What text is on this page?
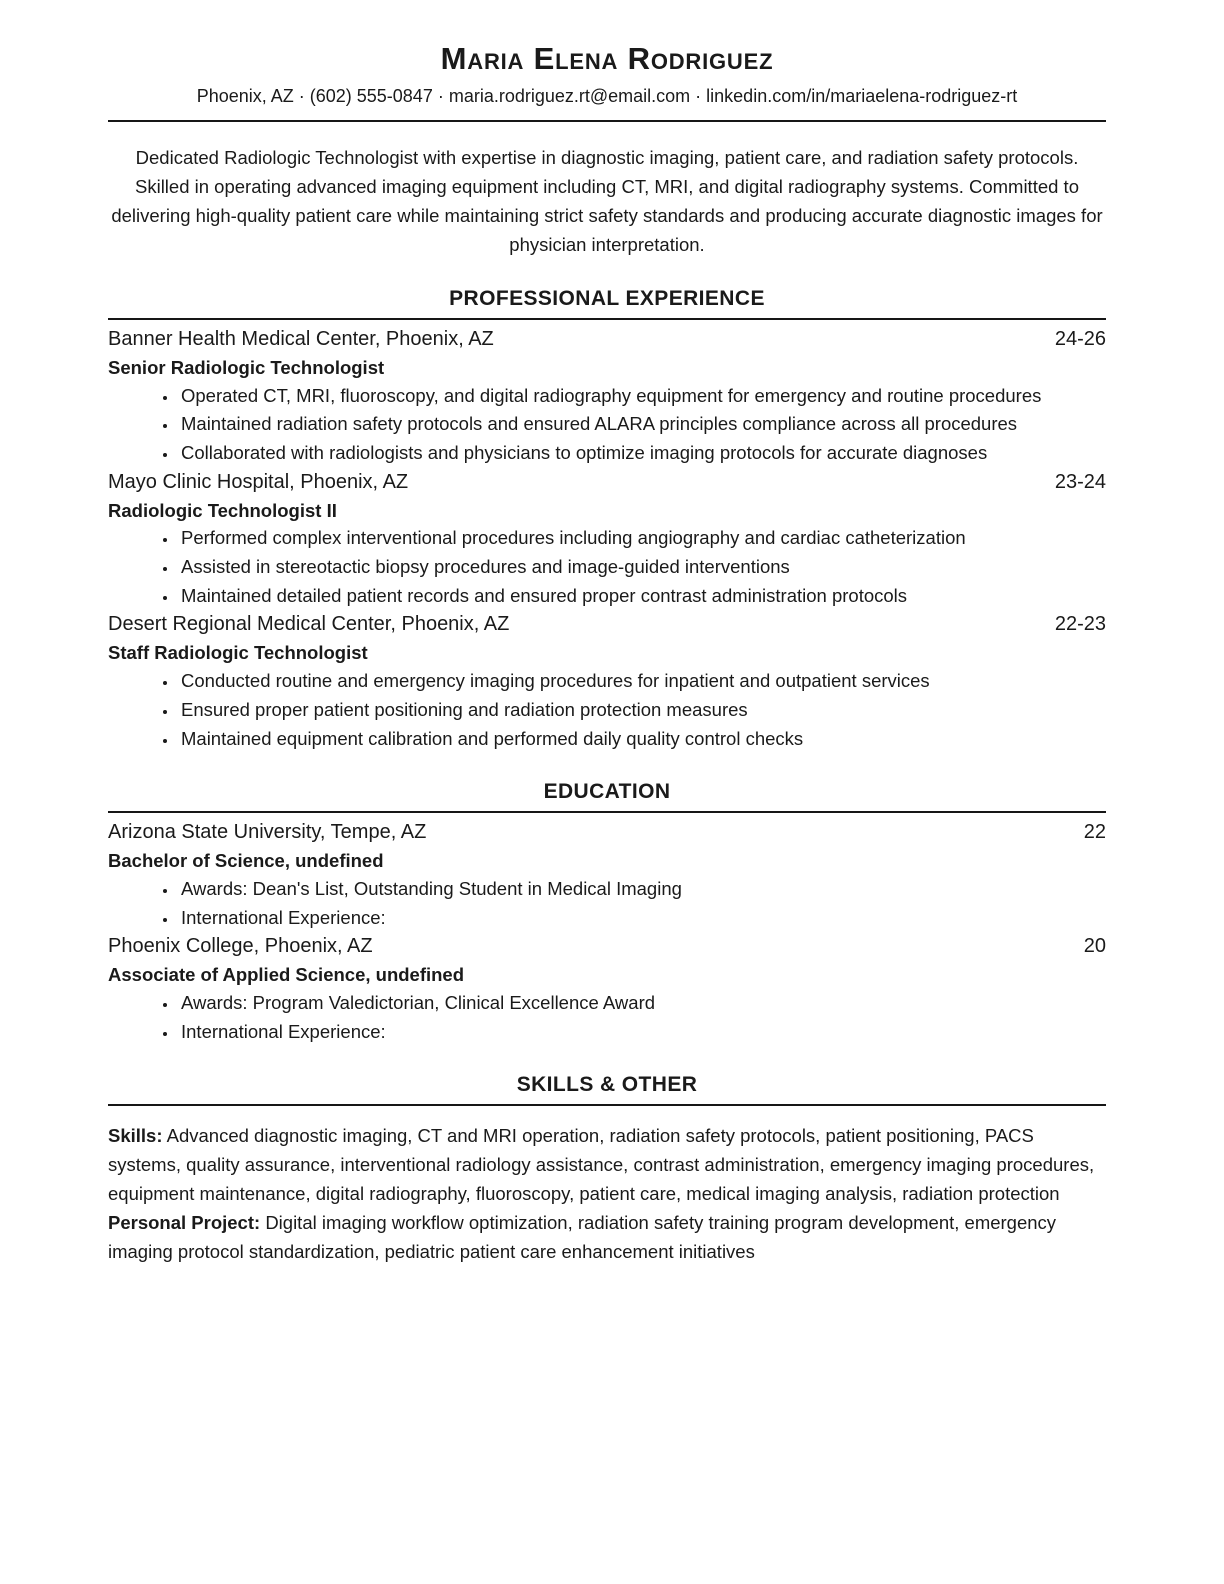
Maria Elena Rodriguez
Phoenix, AZ · (602) 555-0847 · maria.rodriguez.rt@email.com · linkedin.com/in/mariaelena-rodriguez-rt

Dedicated Radiologic Technologist with expertise in diagnostic imaging, patient care, and radiation safety protocols. Skilled in operating advanced imaging equipment including CT, MRI, and digital radiography systems. Committed to delivering high-quality patient care while maintaining strict safety standards and producing accurate diagnostic images for physician interpretation.

PROFESSIONAL EXPERIENCE
Banner Health Medical Center, Phoenix, AZ	24-26
Senior Radiologic Technologist
• Operated CT, MRI, fluoroscopy, and digital radiography equipment for emergency and routine procedures
• Maintained radiation safety protocols and ensured ALARA principles compliance across all procedures
• Collaborated with radiologists and physicians to optimize imaging protocols for accurate diagnoses
Mayo Clinic Hospital, Phoenix, AZ	23-24
Radiologic Technologist II
• Performed complex interventional procedures including angiography and cardiac catheterization
• Assisted in stereotactic biopsy procedures and image-guided interventions
• Maintained detailed patient records and ensured proper contrast administration protocols
Desert Regional Medical Center, Phoenix, AZ	22-23
Staff Radiologic Technologist
• Conducted routine and emergency imaging procedures for inpatient and outpatient services
• Ensured proper patient positioning and radiation protection measures
• Maintained equipment calibration and performed daily quality control checks
EDUCATION
Arizona State University, Tempe, AZ	22
Bachelor of Science, undefined
• Awards: Dean's List, Outstanding Student in Medical Imaging
• International Experience:
Phoenix College, Phoenix, AZ	20
Associate of Applied Science, undefined
• Awards: Program Valedictorian, Clinical Excellence Award
• International Experience:
SKILLS & OTHER

Skills: Advanced diagnostic imaging, CT and MRI operation, radiation safety protocols, patient positioning, PACS systems, quality assurance, interventional radiology assistance, contrast administration, emergency imaging procedures, equipment maintenance, digital radiography, fluoroscopy, patient care, medical imaging analysis, radiation protection

Personal Project: Digital imaging workflow optimization, radiation safety training program development, emergency imaging protocol standardization, pediatric patient care enhancement initiatives
